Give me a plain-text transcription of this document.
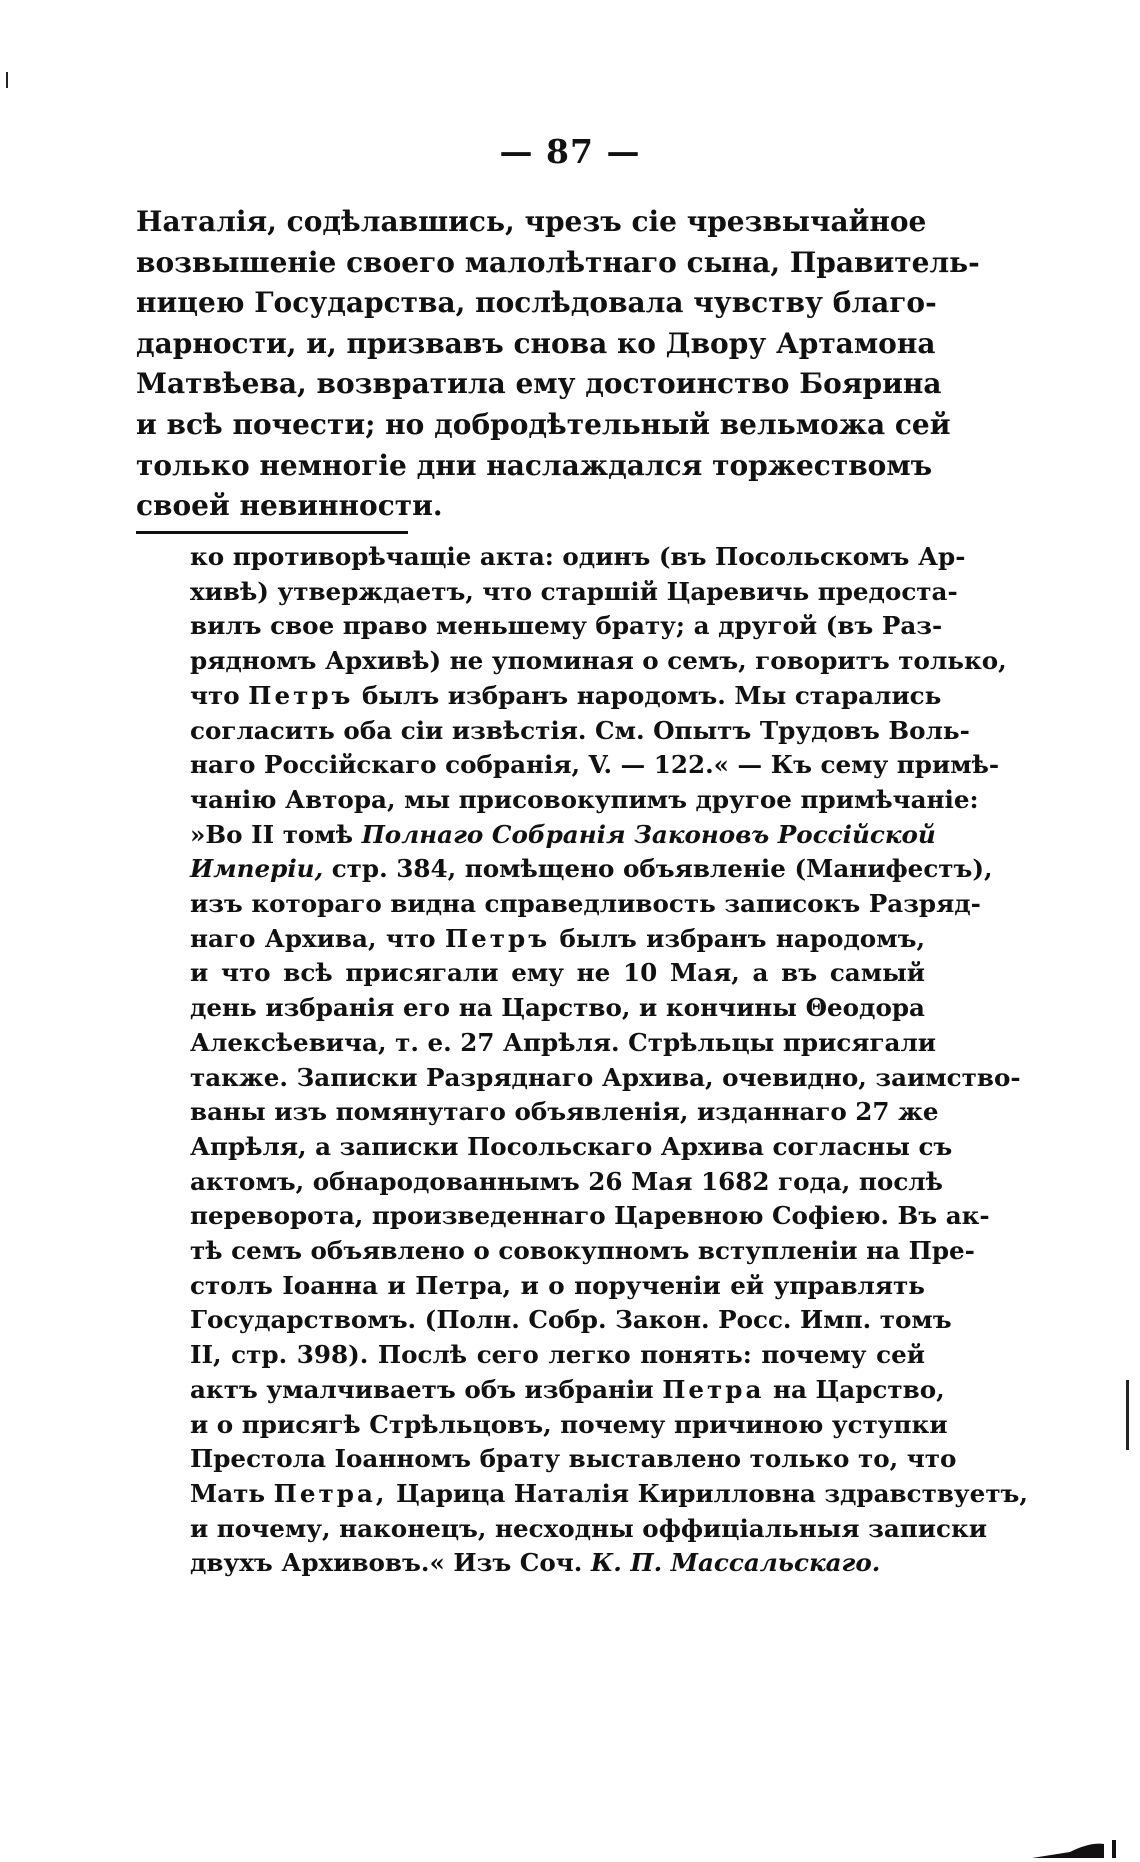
— 87 —
Наталія, содѣлавшись, чрезъ сіе чрезвычайное
возвышеніе своего малолѣтнаго сына, Правитель-
ницею Государства, послѣдовала чувству благо-
дарности, и, призвавъ снова ко Двору Артамона
Матвѣева, возвратила ему достоинство Боярина
и всѣ почести; но добродѣтельный вельможа сей
только немногіе дни наслаждался торжествомъ
своей невинности.
ко противорѣчащіе акта: одинъ (въ Посольскомъ Ар-
хивѣ) утверждаетъ, что старшій Царевичь предоста-
вилъ свое право меньшему брату; а другой (въ Раз-
рядномъ Архивѣ) не упоминая о семъ, говоритъ только,
что Петръ былъ избранъ народомъ. Мы старались
согласить оба сіи извѣстія. См. Опытъ Трудовъ Воль-
наго Россійскаго собранія, V. — 122.« — Къ сему примѣ-
чанію Автора, мы присовокупимъ другое примѣчаніе:
»Во II томѣ Полнаго Собранія Законовъ Россійской
Имперіи, стр. 384, помѣщено объявленіе (Манифестъ),
изъ котораго видна справедливость записокъ Разряд-
наго Архива, что Петръ былъ избранъ народомъ,
и что всѣ присягали ему не 10 Мая, а въ самый
день избранія его на Царство, и кончины Θеодора
Алексѣевича, т. е. 27 Апрѣля. Стрѣльцы присягали
также. Записки Разряднаго Архива, очевидно, заимство-
ваны изъ помянутаго объявленія, изданнаго 27 же
Апрѣля, а записки Посольскаго Архива согласны съ
актомъ, обнародованнымъ 26 Мая 1682 года, послѣ
переворота, произведеннаго Царевною Софіею. Въ ак-
тѣ семъ объявлено о совокупномъ вступленіи на Пре-
столъ Іоанна и Петра, и о порученіи ей управлять
Государствомъ. (Полн. Собр. Закон. Росс. Имп. томъ
II, стр. 398). Послѣ сего легко понять: почему сей
актъ умалчиваетъ объ избраніи Петра на Царство,
и о присягѣ Стрѣльцовъ, почему причиною уступки
Престола Іоанномъ брату выставлено только то, что
Мать Петра, Царица Наталія Кирилловна здравствуетъ,
и почему, наконецъ, несходны оффиціальныя записки
двухъ Архивовъ.« Изъ Соч. К. П. Массальскаго.
